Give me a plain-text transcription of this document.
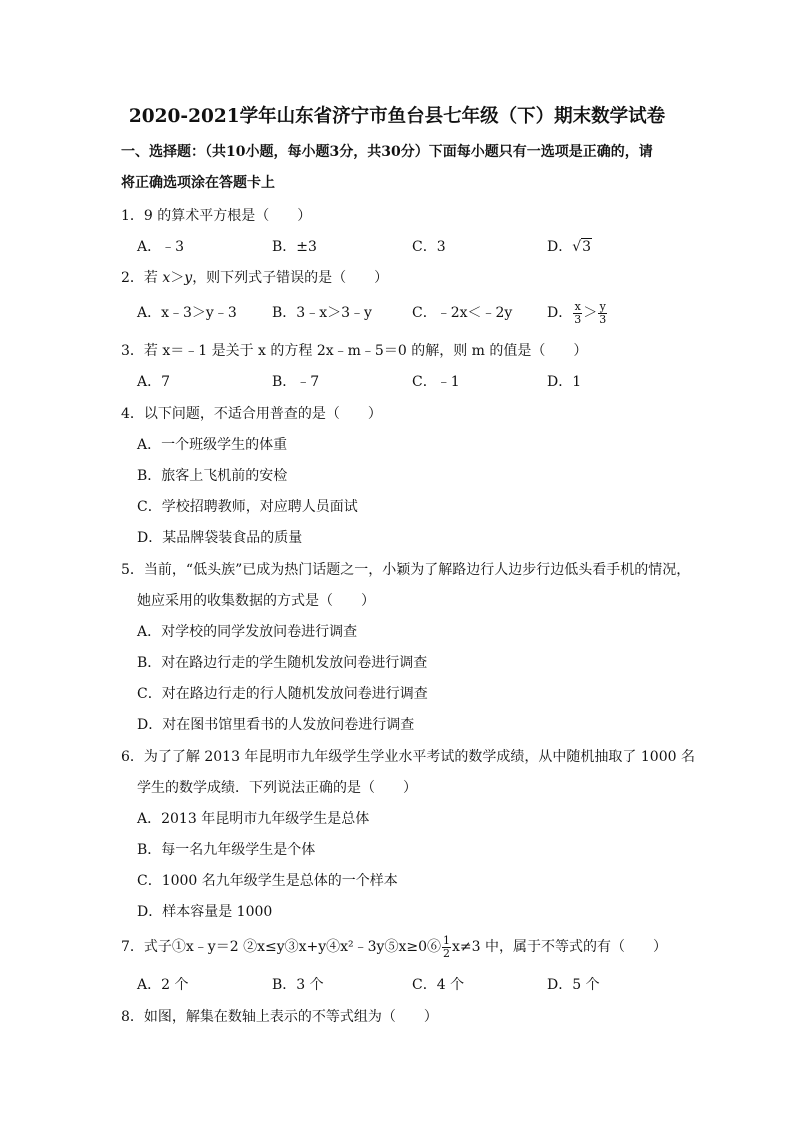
2020-2021学年山东省济宁市鱼台县七年级（下）期末数学试卷
一、选择题：（共10小题，每小题3分，共30分）下面每小题只有一选项是正确的，请
将正确选项涂在答题卡上
1．9 的算术平方根是（　　）
A．﹣3	B．±3	C．3	D．√3
2．若 x＞y，则下列式子错误的是（　　）
A．x﹣3＞y﹣3	B．3﹣x＞3﹣y	C．﹣2x＜﹣2y D． $\frac{x}{3} > \frac{y}{3}$
3．若 x＝﹣1 是关于 x 的方程 2x﹣m﹣5＝0 的解，则 m 的值是（　　）
A．7	B．﹣7	C．﹣1	D．1
4．以下问题，不适合用普查的是（　　）
A．一个班级学生的体重
B．旅客上飞机前的安检
C．学校招聘教师，对应聘人员面试
D．某品牌袋装食品的质量
5．当前，“低头族”已成为热门话题之一，小颖为了解路边行人边步行边低头看手机的情况，
她应采用的收集数据的方式是（　　）
A．对学校的同学发放问卷进行调查
B．对在路边行走的学生随机发放问卷进行调查
C．对在路边行走的行人随机发放问卷进行调查
D．对在图书馆里看书的人发放问卷进行调查
6．为了了解 2013 年昆明市九年级学生学业水平考试的数学成绩，从中随机抽取了 1000 名
学生的数学成绩．下列说法正确的是（　　）
A．2013 年昆明市九年级学生是总体
B．每一名九年级学生是个体
C．1000 名九年级学生是总体的一个样本
D．样本容量是 1000
7．式子①x﹣y＝2 ②x≤y③x+y④x²﹣3y⑤x≥0⑥ $\frac{1}{2} x\ne 3$ 中，属于不等式的有（　　）
A．2 个	B．3 个	C．4 个	D．5 个
8．如图，解集在数轴上表示的不等式组为（　　）
